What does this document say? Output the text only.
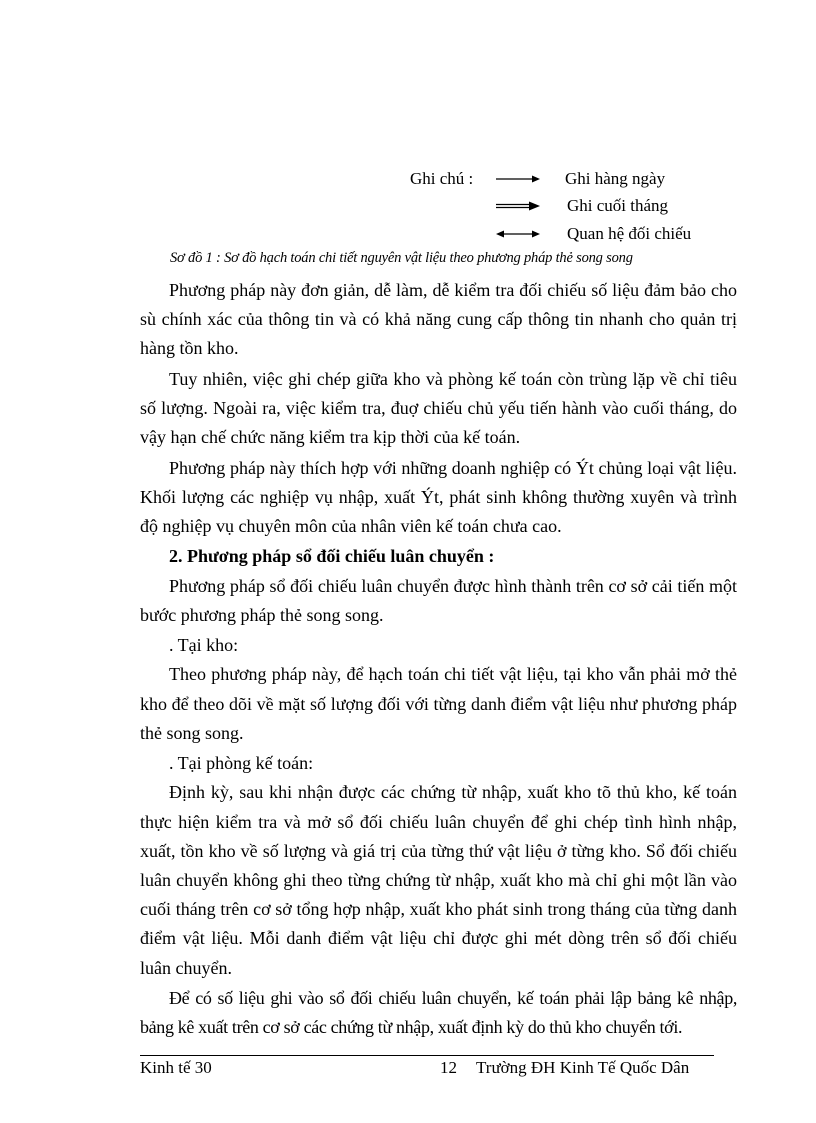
Ghi chú :	Ghi hàng ngày
Ghi cuối tháng
Quan hệ đối chiếu
Sơ đồ 1 : Sơ đồ hạch toán chi tiết nguyên vật liệu theo phương pháp thẻ song song

Phương pháp này đơn giản, dễ làm, dễ kiểm tra đối chiếu số liệu đảm bảo cho sù chính xác của thông tin và có khả năng cung cấp thông tin nhanh cho quản trị hàng tồn kho.

Tuy nhiên, việc ghi chép giữa kho và phòng kế toán còn trùng lặp về chỉ tiêu số lượng. Ngoài ra, việc kiểm tra, đuợ chiếu chủ yếu tiến hành vào cuối tháng, do vậy hạn chế chức năng kiểm tra kịp thời của kế toán.

Phương pháp này thích hợp với những doanh nghiệp có Ýt chủng loại vật liệu. Khối lượng các nghiệp vụ nhập, xuất Ýt, phát sinh không thường xuyên và trình độ nghiệp vụ chuyên môn của nhân viên kế toán chưa cao.

2. Phương pháp sổ đối chiếu luân chuyển :

Phương pháp sổ đối chiếu luân chuyển được hình thành trên cơ sở cải tiến một bước phương pháp thẻ song song.

. Tại kho:

Theo phương pháp này, để hạch toán chi tiết vật liệu, tại kho vẫn phải mở thẻ kho để theo dõi về mặt số lượng đối với từng danh điểm vật liệu như phương pháp thẻ song song.

. Tại phòng kế toán:

Định kỳ, sau khi nhận được các chứng từ nhập, xuất kho tõ thủ kho, kế toán thực hiện kiểm tra và mở sổ đối chiếu luân chuyển để ghi chép tình hình nhập, xuất, tồn kho về số lượng và giá trị của từng thứ vật liệu ở từng kho. Sổ đối chiếu luân chuyển không ghi theo từng chứng từ nhập, xuất kho mà chỉ ghi một lần vào cuối tháng trên cơ sở tổng hợp nhập, xuất kho phát sinh trong tháng của từng danh điểm vật liệu. Mỗi danh điểm vật liệu chỉ được ghi mét dòng trên sổ đối chiếu luân chuyển.

Để có số liệu ghi vào sổ đối chiếu luân chuyển, kế toán phải lập bảng kê nhập, bảng kê xuất trên cơ sở các chứng từ nhập, xuất định kỳ do thủ kho chuyển tới.

Kinh tế 30	12 Trường ĐH Kinh Tế Quốc Dân
